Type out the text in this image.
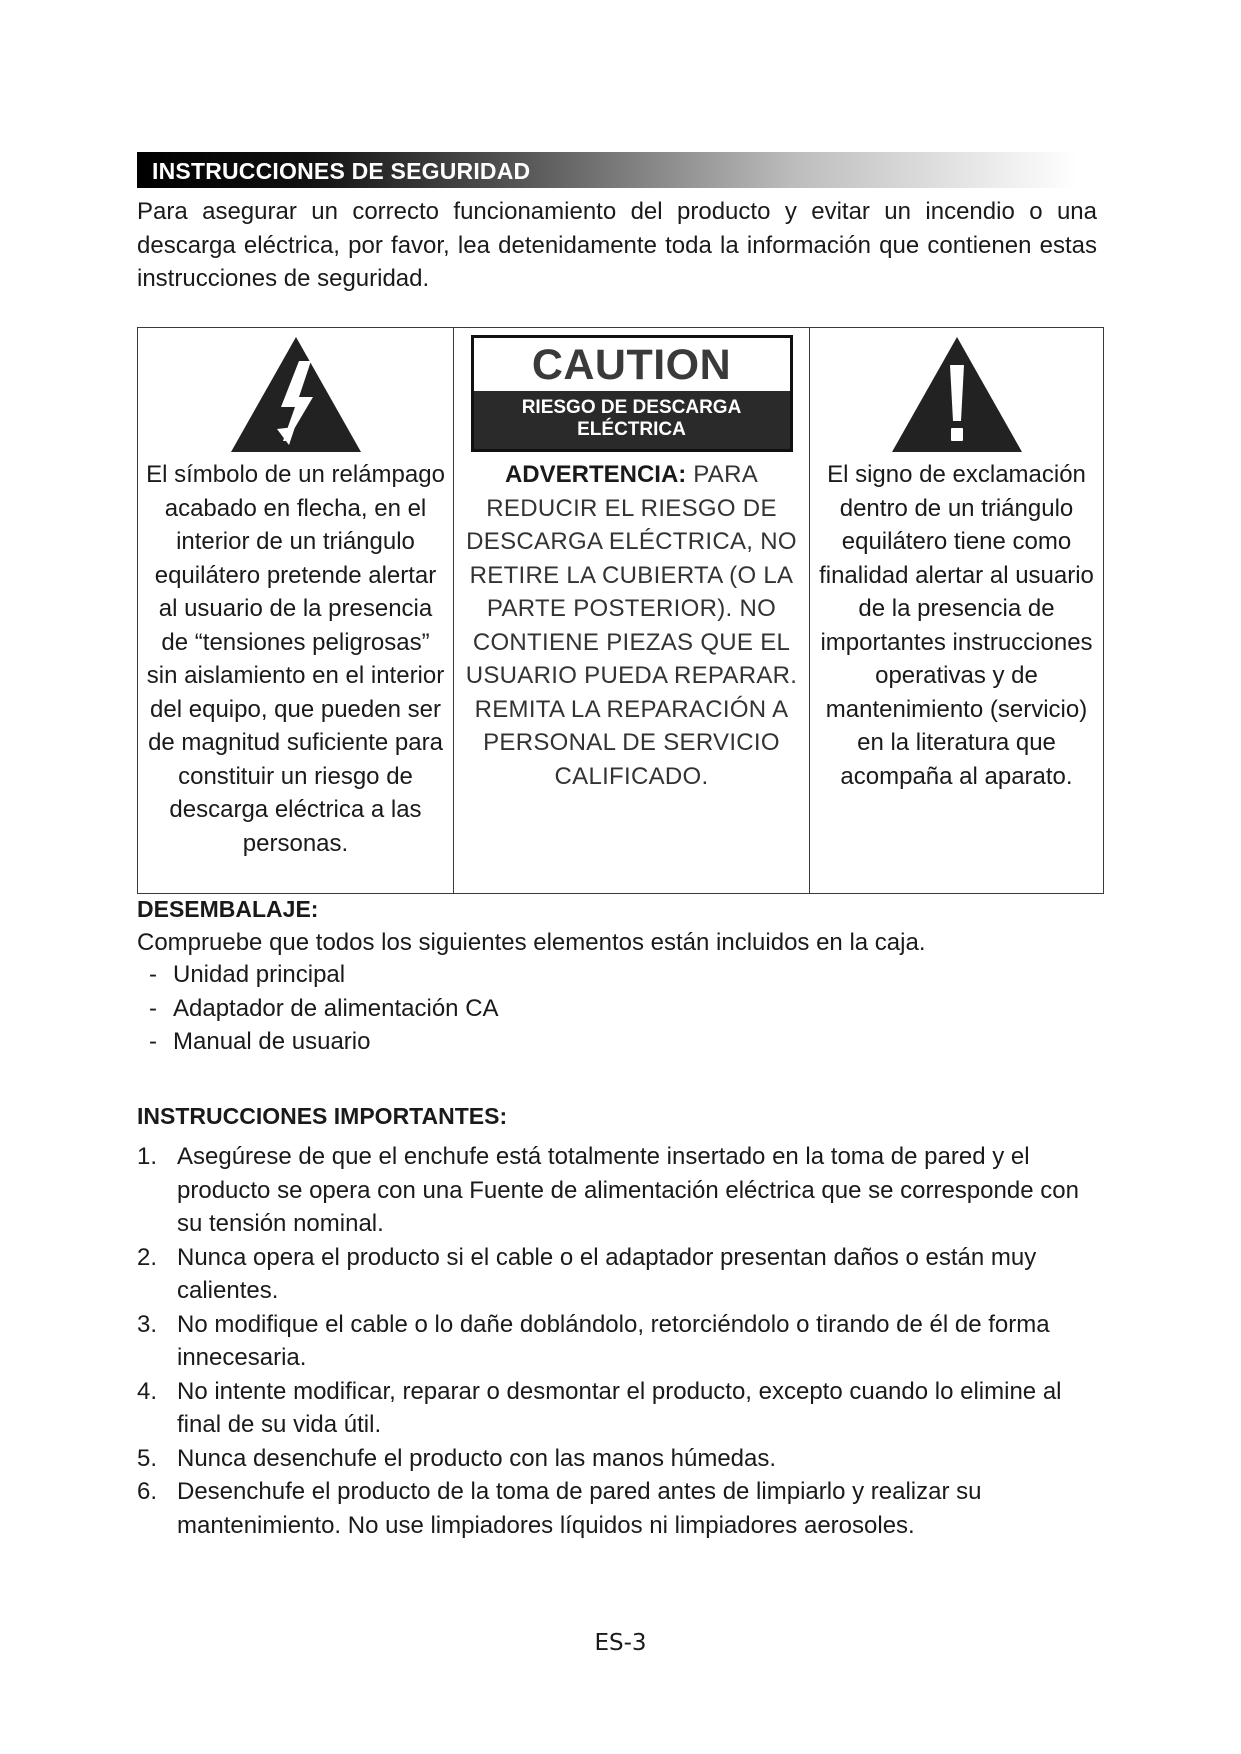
INSTRUCCIONES DE SEGURIDAD

Para asegurar un correcto funcionamiento del producto y evitar un incendio o una descarga eléctrica, por favor, lea detenidamente toda la información que contienen estas instrucciones de seguridad.

El símbolo de un relámpago acabado en flecha, en el interior de un triángulo equilátero pretende alertar al usuario de la presencia de “tensiones peligrosas” sin aislamiento en el interior del equipo, que pueden ser de magnitud suficiente para constituir un riesgo de descarga eléctrica a las personas.

CAUTION
RIESGO DE DESCARGA
ELÉCTRICA

ADVERTENCIA: PARA REDUCIR EL RIESGO DE DESCARGA ELÉCTRICA, NO RETIRE LA CUBIERTA (O LA PARTE POSTERIOR). NO CONTIENE PIEZAS QUE EL USUARIO PUEDA REPARAR. REMITA LA REPARACIÓN A PERSONAL DE SERVICIO CALIFICADO.

El signo de exclamación dentro de un triángulo equilátero tiene como finalidad alertar al usuario de la presencia de importantes instrucciones operativas y de mantenimiento (servicio) en la literatura que acompaña al aparato.

DESEMBALAJE:

Compruebe que todos los siguientes elementos están incluidos en la caja.

- Unidad principal
- Adaptador de alimentación CA
- Manual de usuario

INSTRUCCIONES IMPORTANTES:

1. Asegúrese de que el enchufe está totalmente insertado en la toma de pared y el producto se opera con una Fuente de alimentación eléctrica que se corresponde con su tensión nominal.
2. Nunca opera el producto si el cable o el adaptador presentan daños o están muy calientes.
3. No modifique el cable o lo dañe doblándolo, retorciéndolo o tirando de él de forma innecesaria.
4. No intente modificar, reparar o desmontar el producto, excepto cuando lo elimine al final de su vida útil.
5. Nunca desenchufe el producto con las manos húmedas.
6. Desenchufe el producto de la toma de pared antes de limpiarlo y realizar su mantenimiento. No use limpiadores líquidos ni limpiadores aerosoles.

ES-3
